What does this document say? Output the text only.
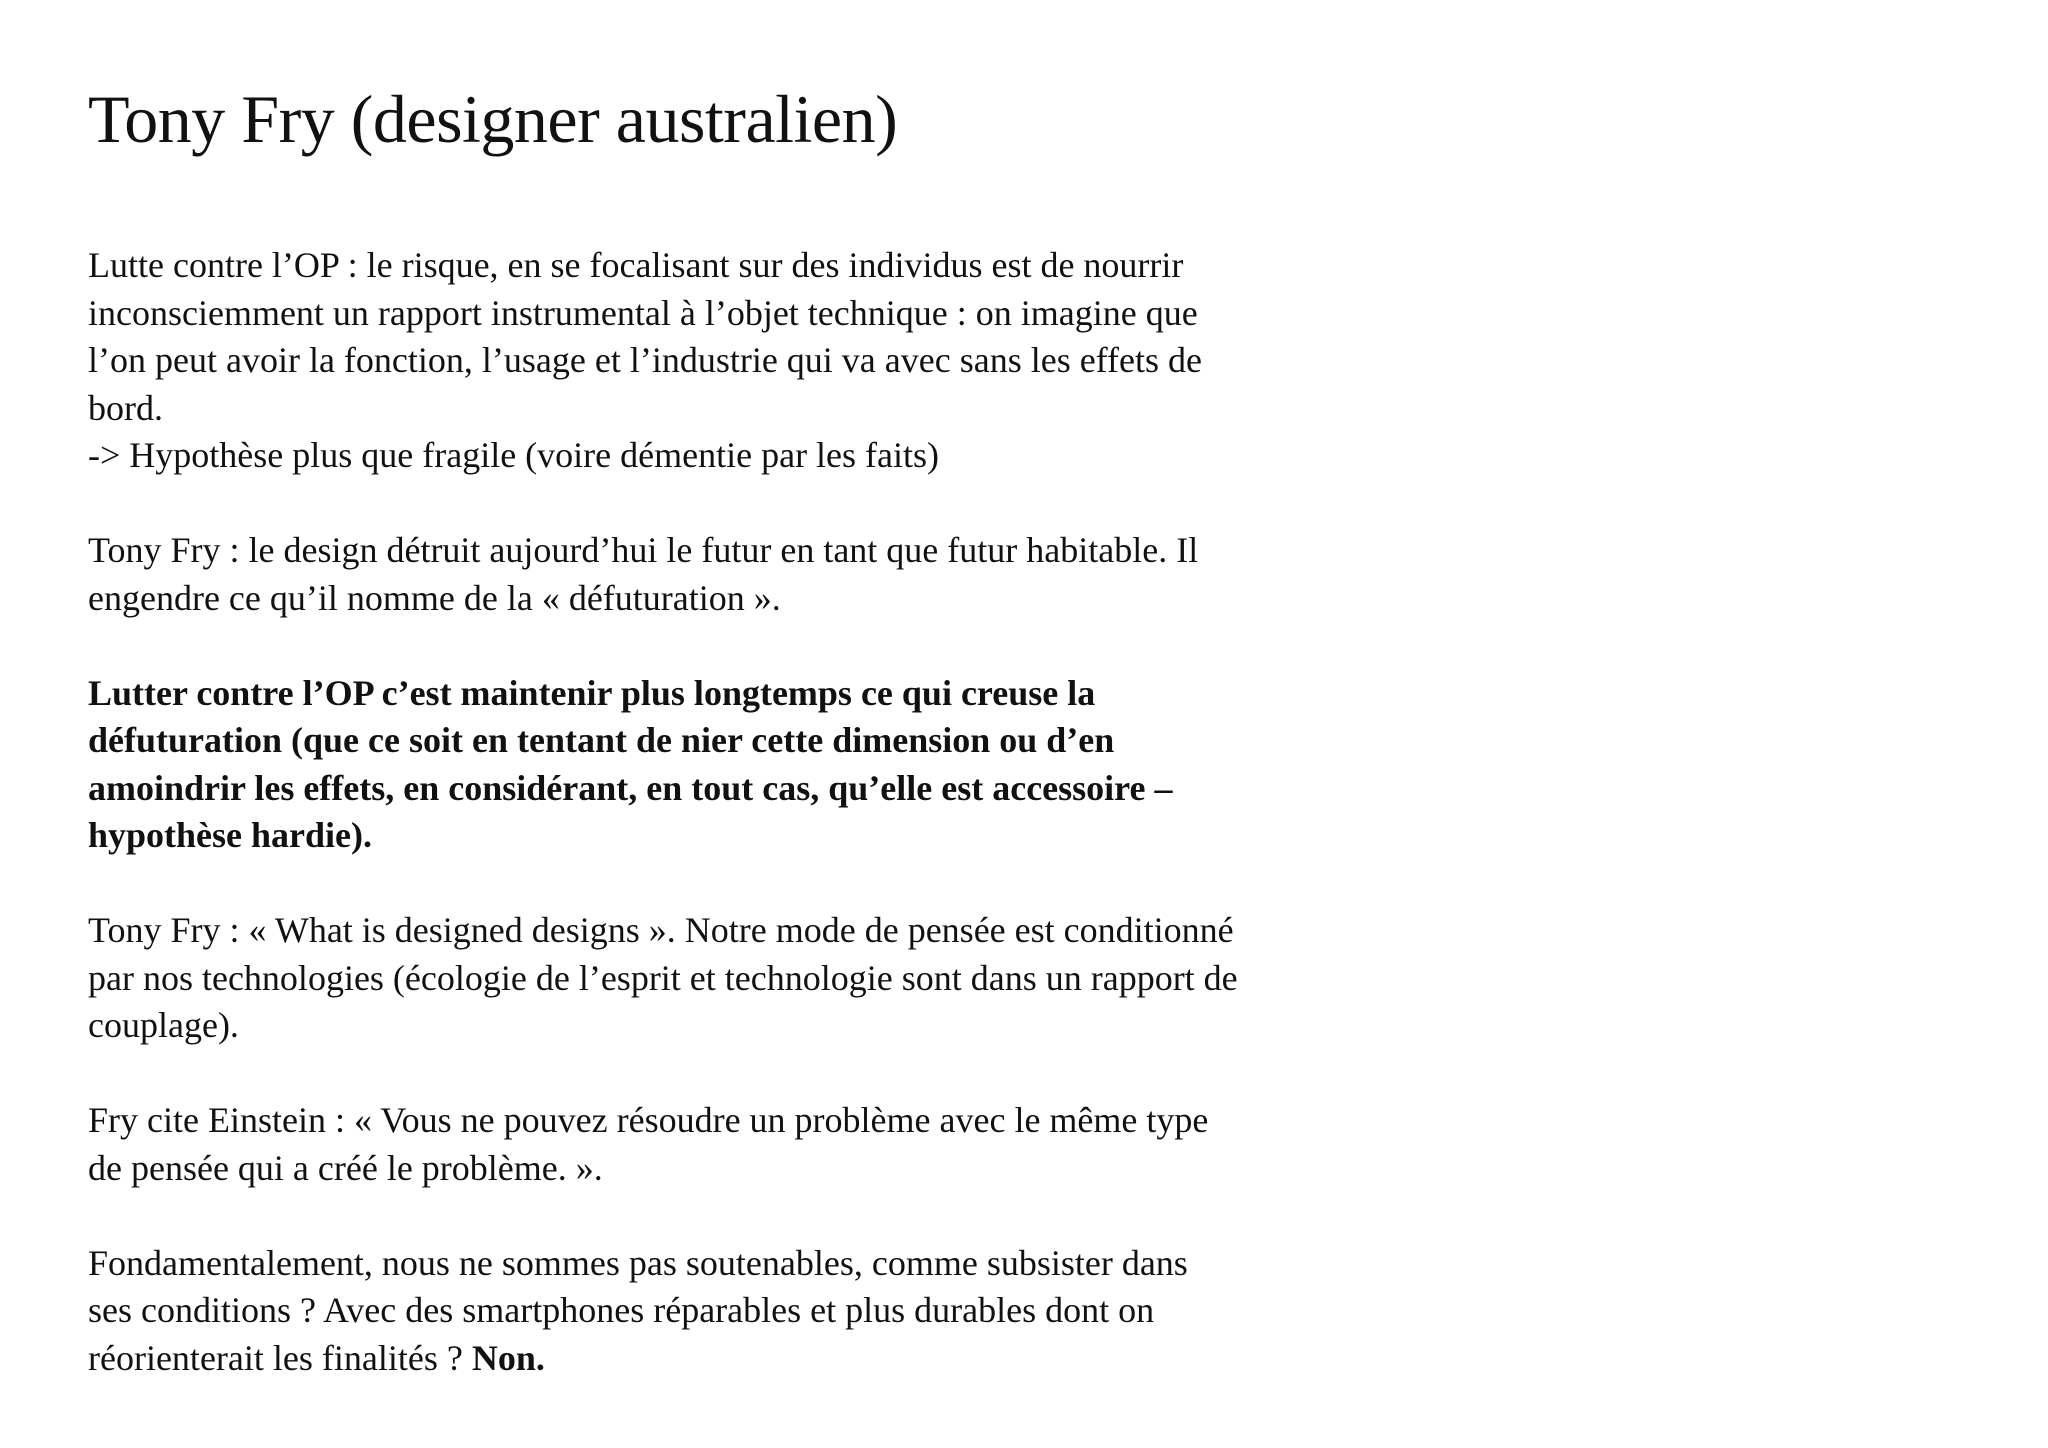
Tony Fry (designer australien)

Lutte contre l’OP : le risque, en se focalisant sur des individus est de nourrir
inconsciemment un rapport instrumental à l’objet technique : on imagine que
l’on peut avoir la fonction, l’usage et l’industrie qui va avec sans les effets de
bord.
-> Hypothèse plus que fragile (voire démentie par les faits)

Tony Fry : le design détruit aujourd’hui le futur en tant que futur habitable. Il
engendre ce qu’il nomme de la « défuturation ».

Lutter contre l’OP c’est maintenir plus longtemps ce qui creuse la
défuturation (que ce soit en tentant de nier cette dimension ou d’en
amoindrir les effets, en considérant, en tout cas, qu’elle est accessoire –
hypothèse hardie).

Tony Fry : « What is designed designs ». Notre mode de pensée est conditionné
par nos technologies (écologie de l’esprit et technologie sont dans un rapport de
couplage).

Fry cite Einstein : « Vous ne pouvez résoudre un problème avec le même type
de pensée qui a créé le problème. ».

Fondamentalement, nous ne sommes pas soutenables, comme subsister dans
ses conditions ? Avec des smartphones réparables et plus durables dont on
réorienterait les finalités ? Non.
